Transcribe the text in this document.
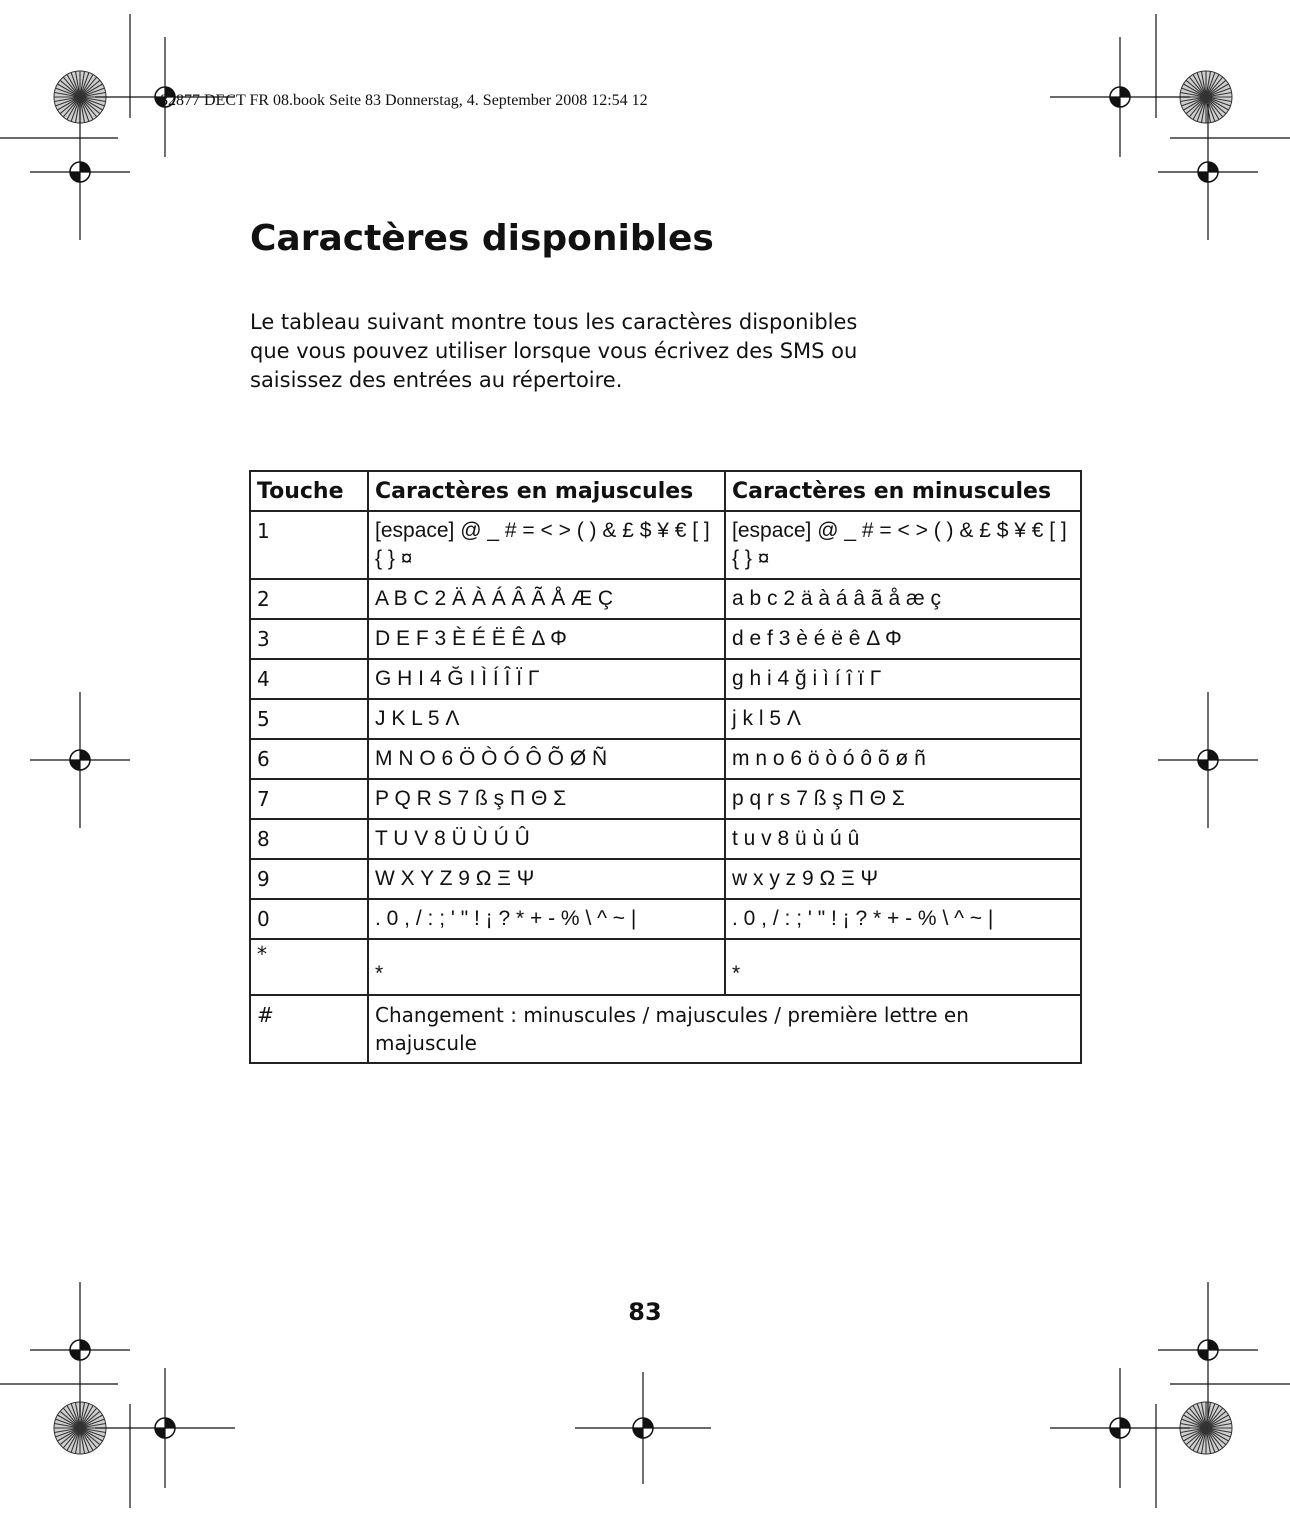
82877 DECT FR 08.book Seite 83 Donnerstag, 4. September 2008 12:54 12
Caractères disponibles

Le tableau suivant montre tous les caractères disponibles

que vous pouvez utiliser lorsque vous écrivez des SMS ou

saisissez des entrées au répertoire.

Touche	Caractères en majuscules	Caractères en minuscules
1	[espace] @ _ # = < > ( ) & £ $ ¥ € [ ] { } ¤	[espace] @ _ # = < > ( ) & £ $ ¥ € [ ] { } ¤
2	A B C 2 Ä À Á Â Ã Å Æ Ç	a b c 2 ä à á â ã å æ ç
3	D E F 3 È É Ë Ê Δ Φ	d e f 3 è é ë ê Δ Φ
4	G H I 4 Ğ I Ì Í Î Ï Γ	g h i 4 ğ i ì í î ï Γ
5	J K L 5 Λ	j k l 5 Λ
6	M N O 6 Ö Ò Ó Ô Õ Ø Ñ	m n o 6 ö ò ó ô õ ø ñ
7	P Q R S 7 ß ş Π Θ Σ	p q r s 7 ß ş Π Θ Σ
8	T U V 8 Ü Ù Ú Û	t u v 8 ü ù ú û
9	W X Y Z 9 Ω Ξ Ψ	w x y z 9 Ω Ξ Ψ
0	. 0 , / : ; ' " ! ¡ ? * + - % \ ^ ~ |	. 0 , / : ; ' " ! ¡ ? * + - % \ ^ ~ |
*	*	*
#	Changement : minuscules / majuscules / première lettre en majuscule	
83
